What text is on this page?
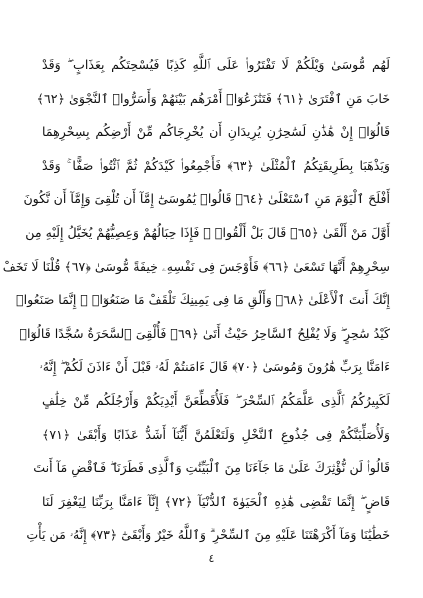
لَهُم مُّوسَىٰ وَيْلَكُمْ لَا تَفْتَرُوا۟ عَلَى ٱللَّهِ كَذِبًا فَيُسْحِتَكُم بِعَذَابٍ ۖ وَقَدْ
خَابَ مَنِ ٱفْتَرَىٰ ﴿٦١﴾ فَتَنَٰزَعُوٓا۟ أَمْرَهُم بَيْنَهُمْ وَأَسَرُّوا۟ ٱلنَّجْوَىٰ ﴿٦٢﴾
قَالُوٓا۟ إِنْ هَٰذَٰنِ لَسَٰحِرَٰنِ يُرِيدَانِ أَن يُخْرِجَاكُم مِّنْ أَرْضِكُم بِسِحْرِهِمَا
وَيَذْهَبَا بِطَرِيقَتِكُمُ ٱلْمُثْلَىٰ ﴿٦٣﴾ فَأَجْمِعُوا۟ كَيْدَكُمْ ثُمَّ ٱئْتُوا۟ صَفًّا ۚ وَقَدْ
أَفْلَحَ ٱلْيَوْمَ مَنِ ٱسْتَعْلَىٰ ﴿٦٤﴾ قَالُوا۟ يَٰمُوسَىٰٓ إِمَّآ أَن تُلْقِىَ وَإِمَّآ أَن نَّكُونَ
أَوَّلَ مَنْ أَلْقَىٰ ﴿٦٥﴾ قَالَ بَلْ أَلْقُوا۟ ۖ فَإِذَا حِبَالُهُمْ وَعِصِيُّهُمْ يُخَيَّلُ إِلَيْهِ مِن
سِحْرِهِمْ أَنَّهَا تَسْعَىٰ ﴿٦٦﴾ فَأَوْجَسَ فِى نَفْسِهِۦ خِيفَةً مُّوسَىٰ ﴿٦٧﴾ قُلْنَا لَا تَخَفْ
إِنَّكَ أَنتَ ٱلْأَعْلَىٰ ﴿٦٨﴾ وَأَلْقِ مَا فِى يَمِينِكَ تَلْقَفْ مَا صَنَعُوٓا۟ ۖ إِنَّمَا صَنَعُوا۟
كَيْدُ سَٰحِرٍ ۖ وَلَا يُفْلِحُ ٱلسَّاحِرُ حَيْثُ أَتَىٰ ﴿٦٩﴾ فَأُلْقِىَ ٱلسَّحَرَةُ سُجَّدًا قَالُوٓا۟
ءَامَنَّا بِرَبِّ هَٰرُونَ وَمُوسَىٰ ﴿٧٠﴾ قَالَ ءَامَنتُمْ لَهُۥ قَبْلَ أَنْ ءَاذَنَ لَكُمْ ۖ إِنَّهُۥ
لَكَبِيرُكُمُ ٱلَّذِى عَلَّمَكُمُ ٱلسِّحْرَ ۖ فَلَأُقَطِّعَنَّ أَيْدِيَكُمْ وَأَرْجُلَكُم مِّنْ خِلَٰفٍ
وَلَأُصَلِّبَنَّكُمْ فِى جُذُوعِ ٱلنَّخْلِ وَلَتَعْلَمُنَّ أَيُّنَآ أَشَدُّ عَذَابًا وَأَبْقَىٰ ﴿٧١﴾
قَالُوا۟ لَن نُّؤْثِرَكَ عَلَىٰ مَا جَآءَنَا مِنَ ٱلْبَيِّنَٰتِ وَٱلَّذِى فَطَرَنَا ۖ فَٱقْضِ مَآ أَنتَ
قَاضٍ ۖ إِنَّمَا تَقْضِى هَٰذِهِ ٱلْحَيَوٰةَ ٱلدُّنْيَآ ﴿٧٢﴾ إِنَّآ ءَامَنَّا بِرَبِّنَا لِيَغْفِرَ لَنَا
خَطَٰيَٰنَا وَمَآ أَكْرَهْتَنَا عَلَيْهِ مِنَ ٱلسِّحْرِ ۗ وَٱللَّهُ خَيْرٌ وَأَبْقَىٰٓ ﴿٧٣﴾ إِنَّهُۥ مَن يَأْتِ
٤
